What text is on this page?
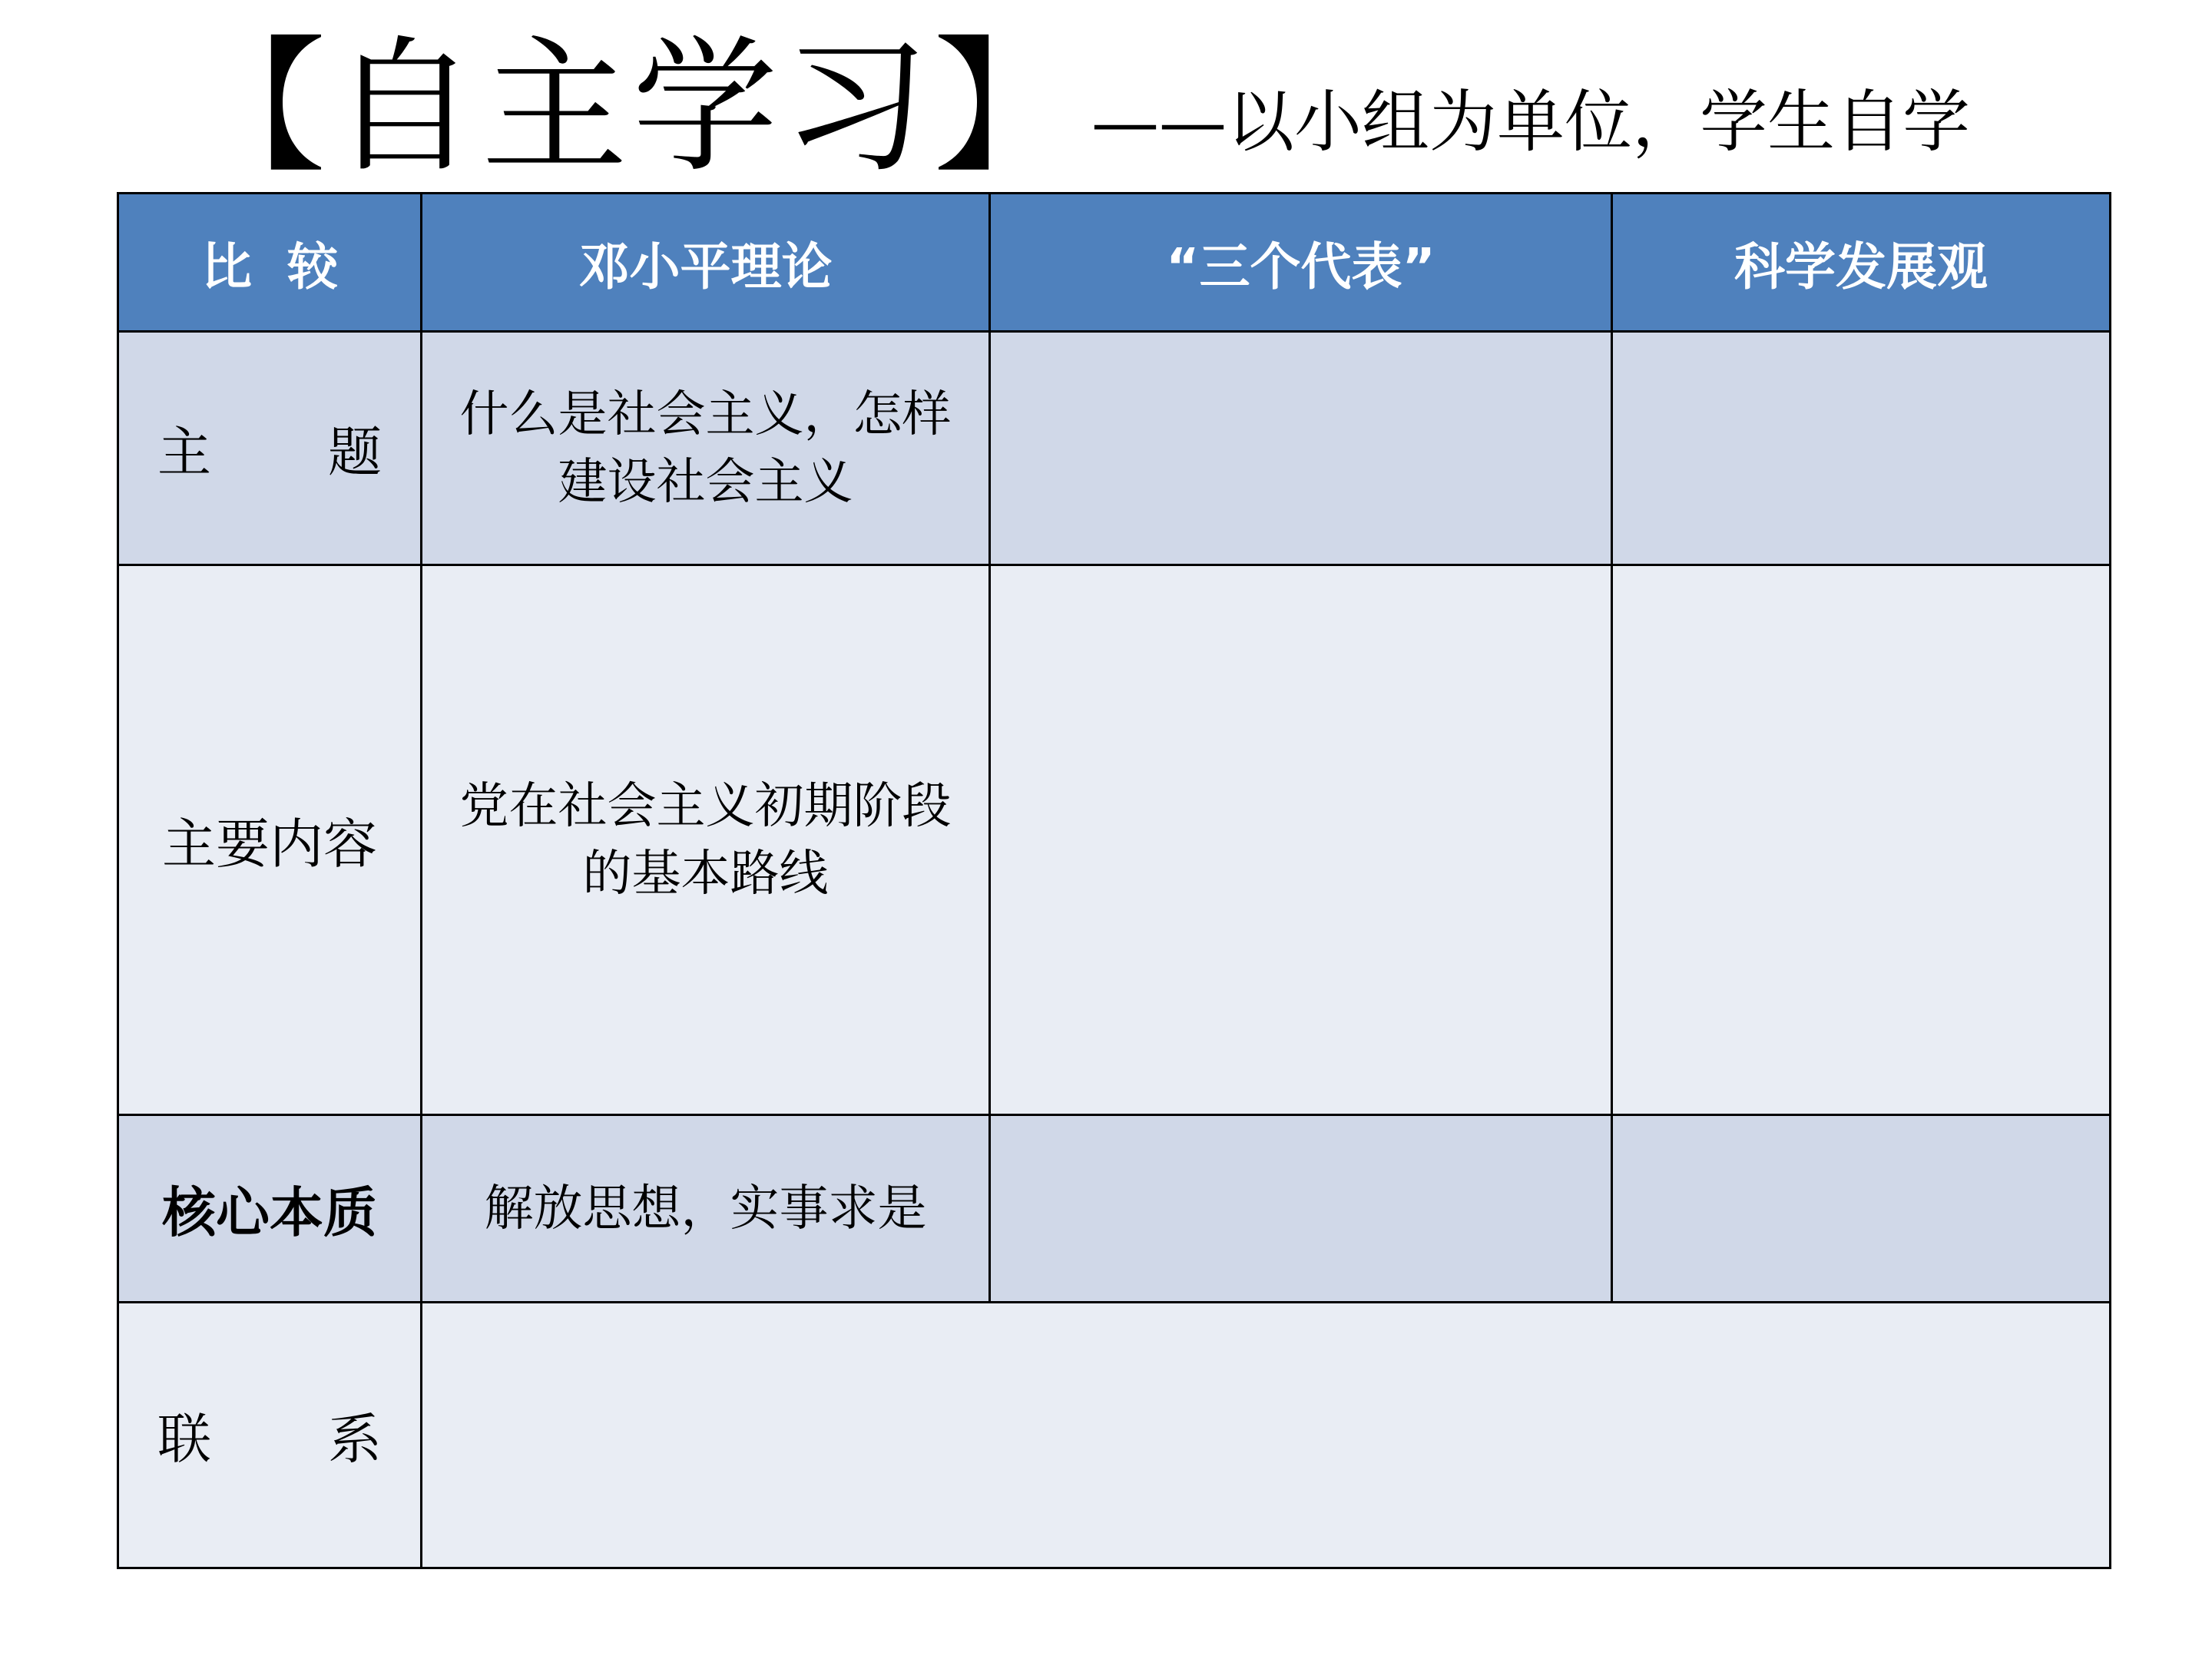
【自主学习】 ——以小组为单位，学生自学
比  较	邓小平理论	“三个代表”	科学发展观

主 题	什么是社会主义，怎样建设社会主义		
主要内容	党在社会主义初期阶段的基本路线		
核心本质	解放思想，实事求是		

联 系			
